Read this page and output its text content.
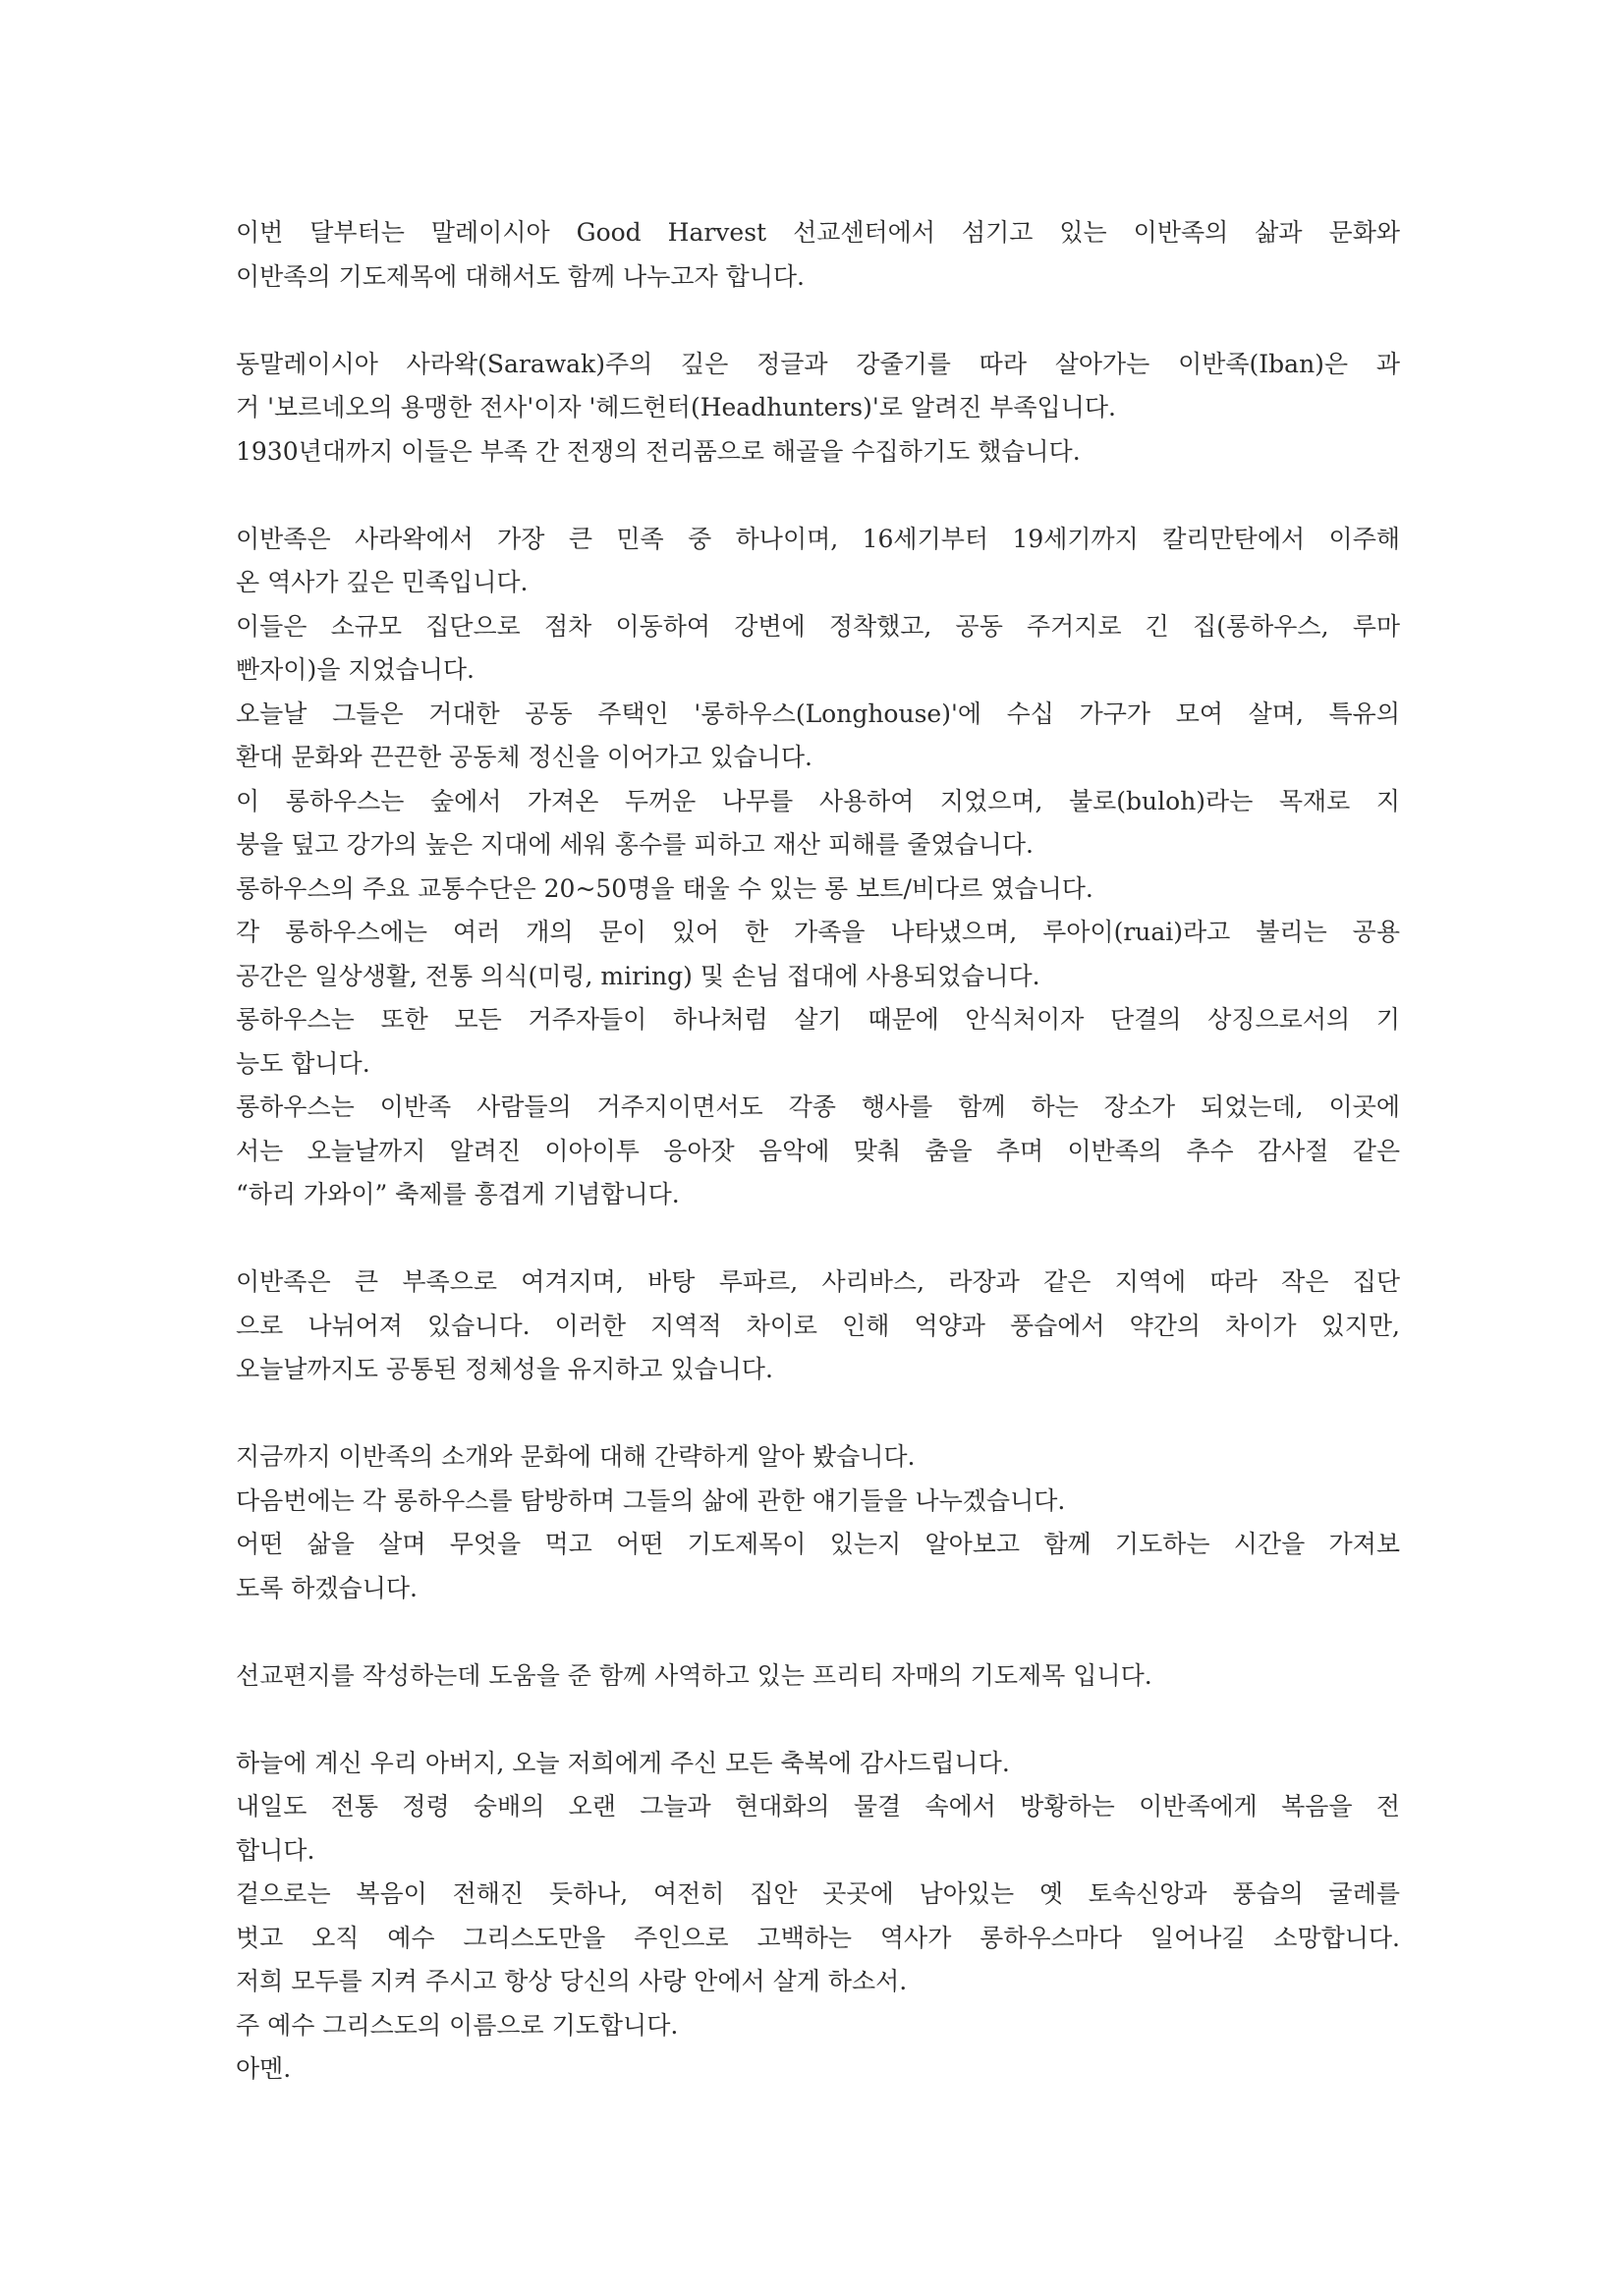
이번 달부터는 말레이시아 Good Harvest 선교센터에서 섬기고 있는 이반족의 삶과 문화와
이반족의 기도제목에 대해서도 함께 나누고자 합니다.
동말레이시아 사라왁(Sarawak)주의 깊은 정글과 강줄기를 따라 살아가는 이반족(Iban)은 과
거 '보르네오의 용맹한 전사'이자 '헤드헌터(Headhunters)'로 알려진 부족입니다.
1930년대까지 이들은 부족 간 전쟁의 전리품으로 해골을 수집하기도 했습니다.
이반족은 사라왁에서 가장 큰 민족 중 하나이며, 16세기부터 19세기까지 칼리만탄에서 이주해
온 역사가 깊은 민족입니다.
이들은 소규모 집단으로 점차 이동하여 강변에 정착했고, 공동 주거지로 긴 집(롱하우스, 루마
빤자이)을 지었습니다.
오늘날 그들은 거대한 공동 주택인 '롱하우스(Longhouse)'에 수십 가구가 모여 살며, 특유의
환대 문화와 끈끈한 공동체 정신을 이어가고 있습니다.
이 롱하우스는 숲에서 가져온 두꺼운 나무를 사용하여 지었으며, 불로(buloh)라는 목재로 지
붕을 덮고 강가의 높은 지대에 세워 홍수를 피하고 재산 피해를 줄였습니다.
롱하우스의 주요 교통수단은 20~50명을 태울 수 있는 롱 보트/비다르 였습니다.
각 롱하우스에는 여러 개의 문이 있어 한 가족을 나타냈으며, 루아이(ruai)라고 불리는 공용
공간은 일상생활, 전통 의식(미링, miring) 및 손님 접대에 사용되었습니다.
롱하우스는 또한 모든 거주자들이 하나처럼 살기 때문에 안식처이자 단결의 상징으로서의 기
능도 합니다.
롱하우스는 이반족 사람들의 거주지이면서도 각종 행사를 함께 하는 장소가 되었는데, 이곳에
서는 오늘날까지 알려진 이아이투 응아잣 음악에 맞춰 춤을 추며 이반족의 추수 감사절 같은
“하리 가와이” 축제를 흥겹게 기념합니다.
이반족은 큰 부족으로 여겨지며, 바탕 루파르, 사리바스, 라장과 같은 지역에 따라 작은 집단
으로 나뉘어져 있습니다. 이러한 지역적 차이로 인해 억양과 풍습에서 약간의 차이가 있지만,
오늘날까지도 공통된 정체성을 유지하고 있습니다.
지금까지 이반족의 소개와 문화에 대해 간략하게 알아 봤습니다.
다음번에는 각 롱하우스를 탐방하며 그들의 삶에 관한 얘기들을 나누겠습니다.
어떤 삶을 살며 무엇을 먹고 어떤 기도제목이 있는지 알아보고 함께 기도하는 시간을 가져보
도록 하겠습니다.
선교편지를 작성하는데 도움을 준 함께 사역하고 있는 프리티 자매의 기도제목 입니다.
하늘에 계신 우리 아버지, 오늘 저희에게 주신 모든 축복에 감사드립니다.
내일도 전통 정령 숭배의 오랜 그늘과 현대화의 물결 속에서 방황하는 이반족에게 복음을 전
합니다.
겉으로는 복음이 전해진 듯하나, 여전히 집안 곳곳에 남아있는 옛 토속신앙과 풍습의 굴레를
벗고 오직 예수 그리스도만을 주인으로 고백하는 역사가 롱하우스마다 일어나길 소망합니다.
저희 모두를 지켜 주시고 항상 당신의 사랑 안에서 살게 하소서.
주 예수 그리스도의 이름으로 기도합니다.
아멘.
